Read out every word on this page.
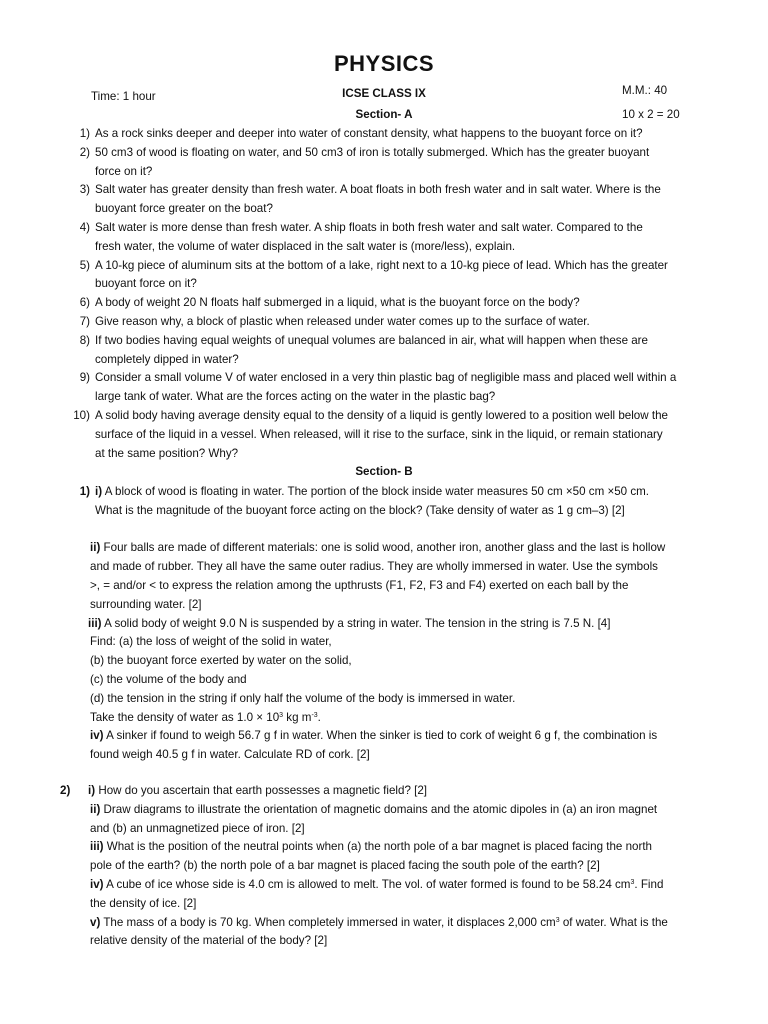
PHYSICS
Time: 1 hour	ICSE CLASS IX	M.M.: 40
Section- A	10 x 2 = 20
1) As a rock sinks deeper and deeper into water of constant density, what happens to the buoyant force on it?
2) 50 cm3 of wood is floating on water, and 50 cm3 of iron is totally submerged. Which has the greater buoyant
force on it?
3) Salt water has greater density than fresh water. A boat floats in both fresh water and in salt water. Where is the
buoyant force greater on the boat?
4) Salt water is more dense than fresh water. A ship floats in both fresh water and salt water. Compared to the
fresh water, the volume of water displaced in the salt water is (more/less), explain.
5) A 10-kg piece of aluminum sits at the bottom of a lake, right next to a 10-kg piece of lead. Which has the greater
buoyant force on it?
6) A body of weight 20 N floats half submerged in a liquid, what is the buoyant force on the body?
7) Give reason why, a block of plastic when released under water comes up to the surface of water.
8) If two bodies having equal weights of unequal volumes are balanced in air, what will happen when these are
completely dipped in water?
9) Consider a small volume V of water enclosed in a very thin plastic bag of negligible mass and placed well within a
large tank of water. What are the forces acting on the water in the plastic bag?
10) A solid body having average density equal to the density of a liquid is gently lowered to a position well below the
surface of the liquid in a vessel. When released, will it rise to the surface, sink in the liquid, or remain stationary
at the same position? Why?
Section- B
1) i) A block of wood is floating in water. The portion of the block inside water measures 50 cm ×50 cm ×50 cm.
What is the magnitude of the buoyant force acting on the block? (Take density of water as 1 g cm–3) [2]
ii) Four balls are made of different materials: one is solid wood, another iron, another glass and the last is hollow
and made of rubber. They all have the same outer radius. They are wholly immersed in water. Use the symbols
>, = and/or < to express the relation among the upthrusts (F1, F2, F3 and F4) exerted on each ball by the
surrounding water. [2]
iii) A solid body of weight 9.0 N is suspended by a string in water. The tension in the string is 7.5 N. [4]
Find: (a) the loss of weight of the solid in water,
(b) the buoyant force exerted by water on the solid,
(c) the volume of the body and
(d) the tension in the string if only half the volume of the body is immersed in water.
Take the density of water as $1.0 \times 10^3$ kg $m^{-3}$.
iv) A sinker if found to weigh 56.7 g f in water. When the sinker is tied to cork of weight 6 g f, the combination is
found weigh 40.5 g f in water. Calculate RD of cork. [2]
2)	i) How do you ascertain that earth possesses a magnetic field? [2]
ii) Draw diagrams to illustrate the orientation of magnetic domains and the atomic dipoles in (a) an iron magnet
and (b) an unmagnetized piece of iron. [2]
iii) What is the position of the neutral points when (a) the north pole of a bar magnet is placed facing the north
pole of the earth? (b) the north pole of a bar magnet is placed facing the south pole of the earth? [2]
iv) A cube of ice whose side is 4.0 cm is allowed to melt. The vol. of water formed is found to be 58.24 $cm^3$. Find
the density of ice. [2]
v) The mass of a body is 70 kg. When completely immersed in water, it displaces 2,000 $cm^3$ of water. What is the
relative density of the material of the body? [2]
